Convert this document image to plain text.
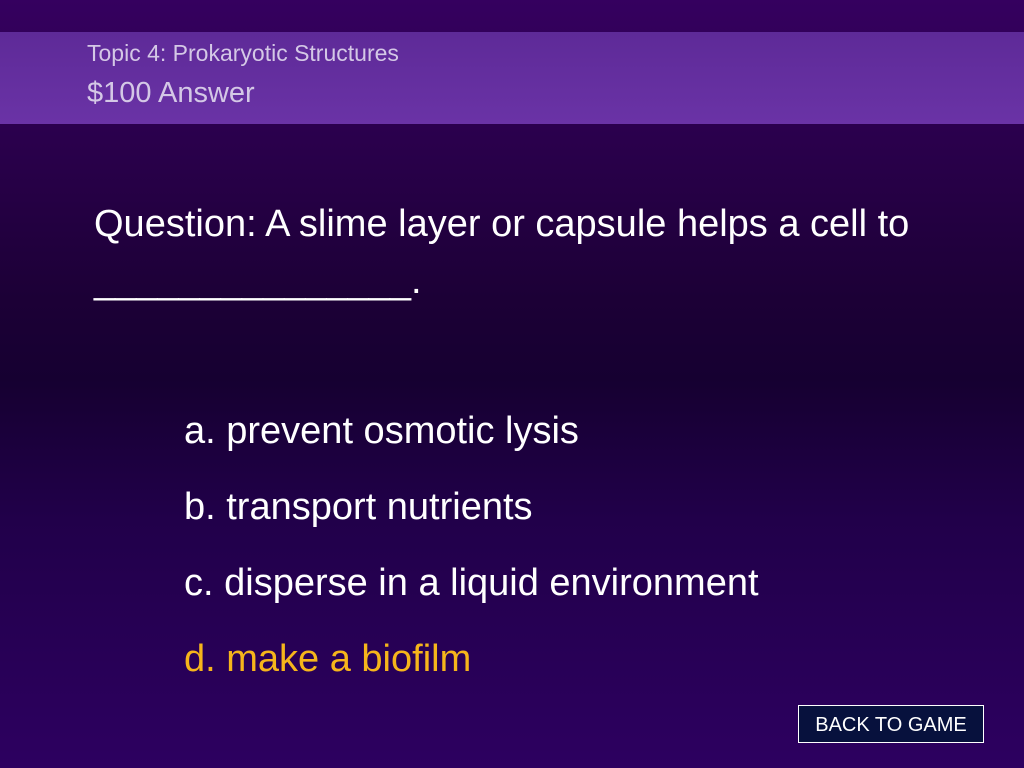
Topic 4: Prokaryotic Structures
$100 Answer
Question: A slime layer or capsule helps a cell to _______________.
a. prevent osmotic lysis
b. transport nutrients
c. disperse in a liquid environment
d. make a biofilm
BACK TO GAME
